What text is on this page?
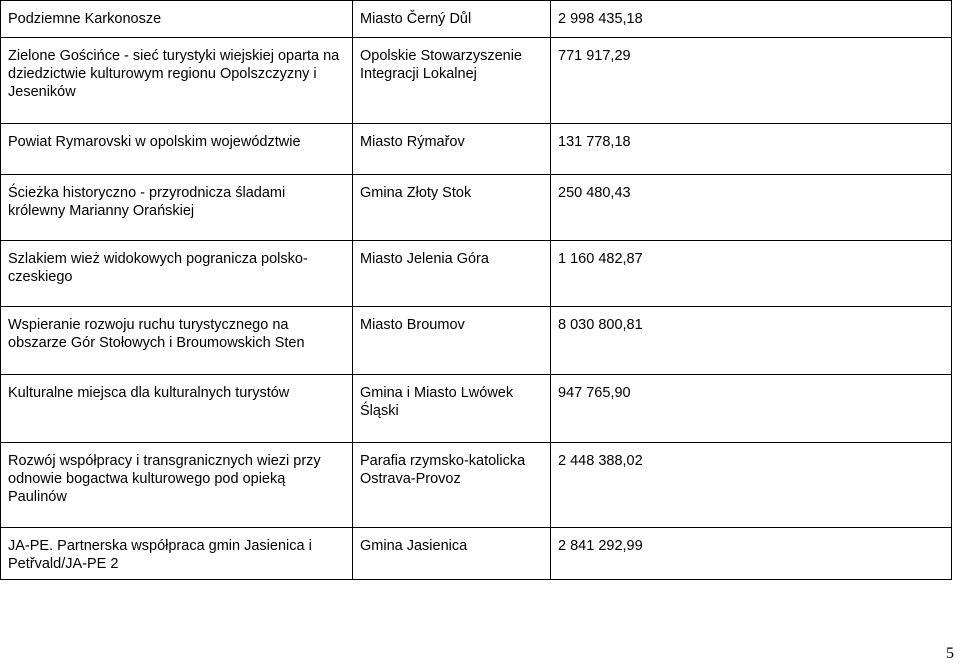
Podziemne Karkonosze	Miasto Černý Důl	2 998 435,18
Zielone Gościńce - sieć turystyki wiejskiej oparta na dziedzictwie kulturowym regionu Opolszczyzny i Jeseników	Opolskie Stowarzyszenie Integracji Lokalnej	771 917,29
Powiat Rymarovski w opolskim województwie	Miasto Rýmařov	131 778,18
Ścieżka historyczno - przyrodnicza śladami królewny Marianny Orańskiej	Gmina Złoty Stok	250 480,43
Szlakiem wież widokowych pogranicza polsko-czeskiego	Miasto Jelenia Góra	1 160 482,87
Wspieranie rozwoju ruchu turystycznego na obszarze Gór Stołowych i Broumowskich Sten	Miasto Broumov	8 030 800,81
Kulturalne miejsca dla kulturalnych turystów	Gmina i Miasto Lwówek Śląski	947 765,90
Rozwój współpracy i transgranicznych wiezi przy odnowie bogactwa kulturowego pod opieką Paulinów	Parafia rzymsko-katolicka Ostrava-Provoz	2 448 388,02
JA-PE. Partnerska współpraca gmin Jasienica i Petřvald/JA-PE 2	Gmina Jasienica	2 841 292,99
5
